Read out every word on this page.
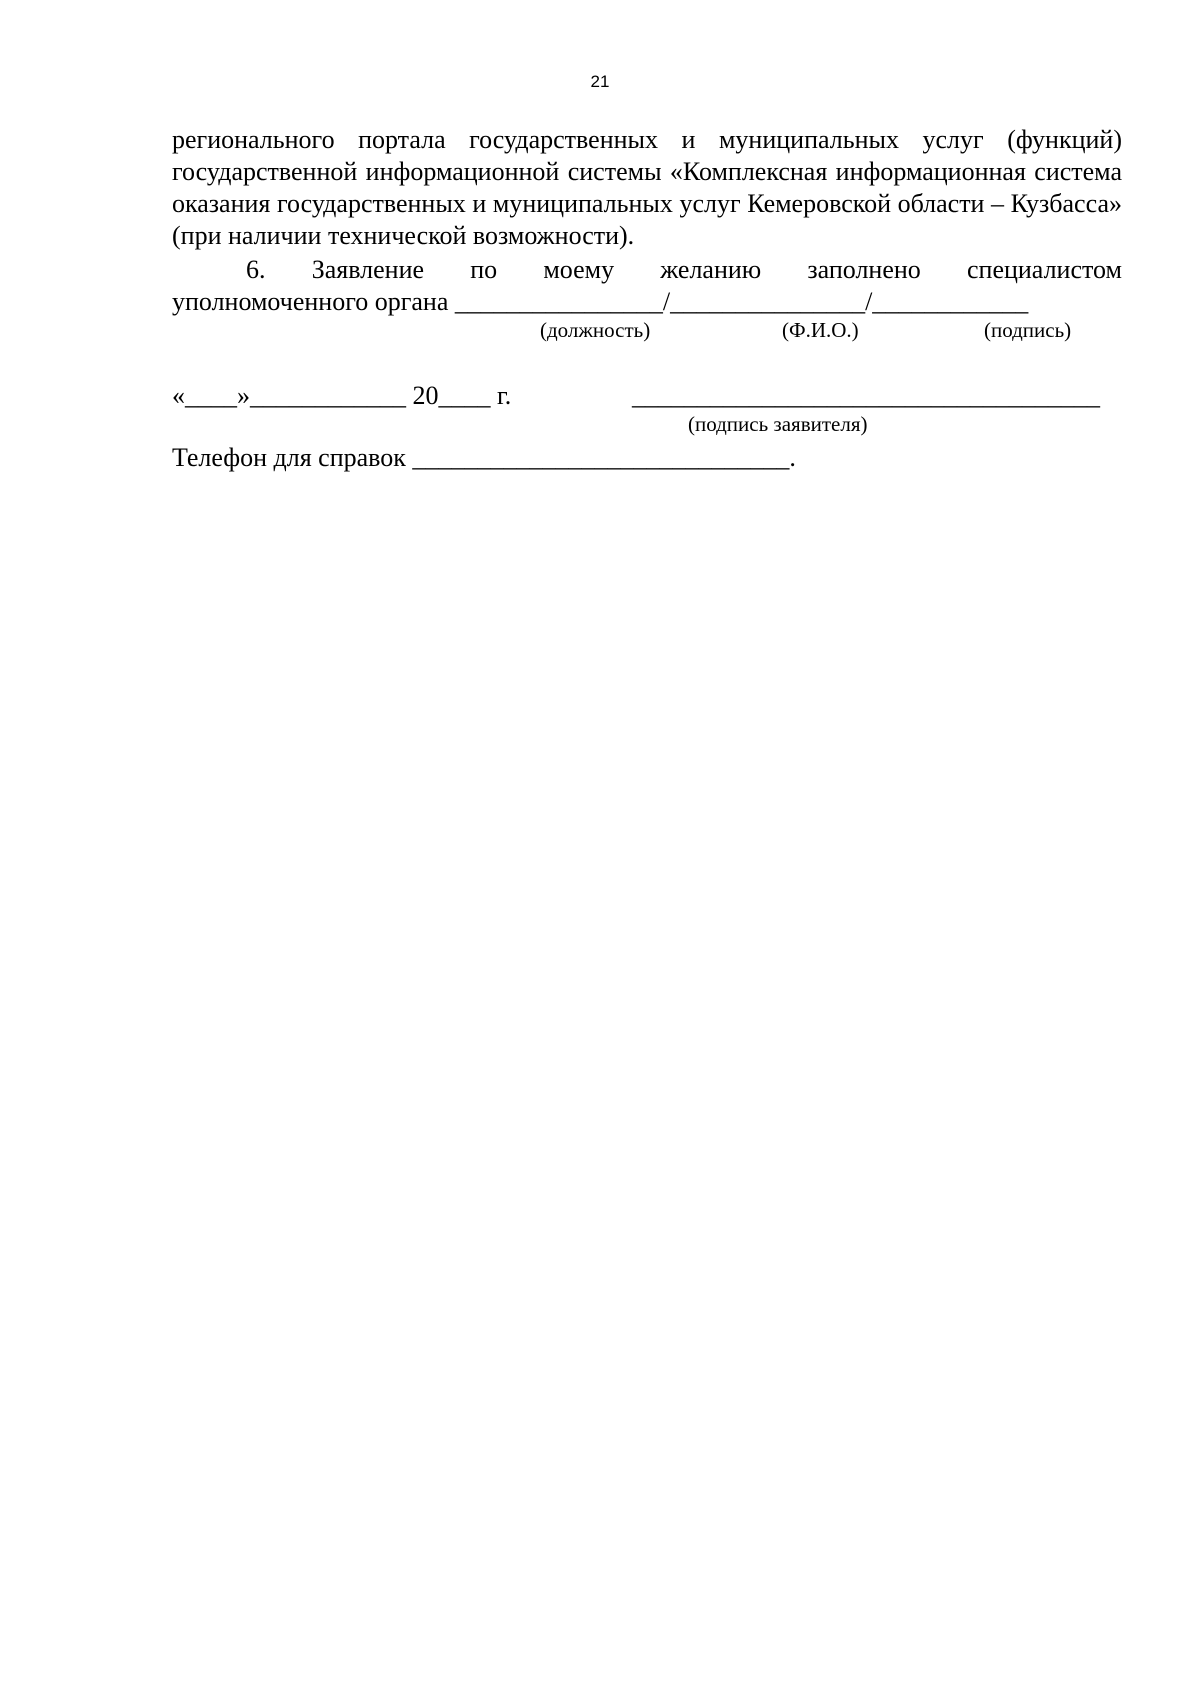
21
регионального портала государственных и муниципальных услуг (функций) государственной информационной системы «Комплексная информационная система оказания государственных и муниципальных услуг Кемеровской области – Кузбасса» (при наличии технической возможности).
6. Заявление по моему желанию заполнено специалистом
уполномоченного органа ________________/_______________/____________
(должность)	(Ф.И.О.)	(подпись)
«____»____________ 20____ г.	____________________________________
(подпись заявителя)
Телефон для справок _____________________________.
